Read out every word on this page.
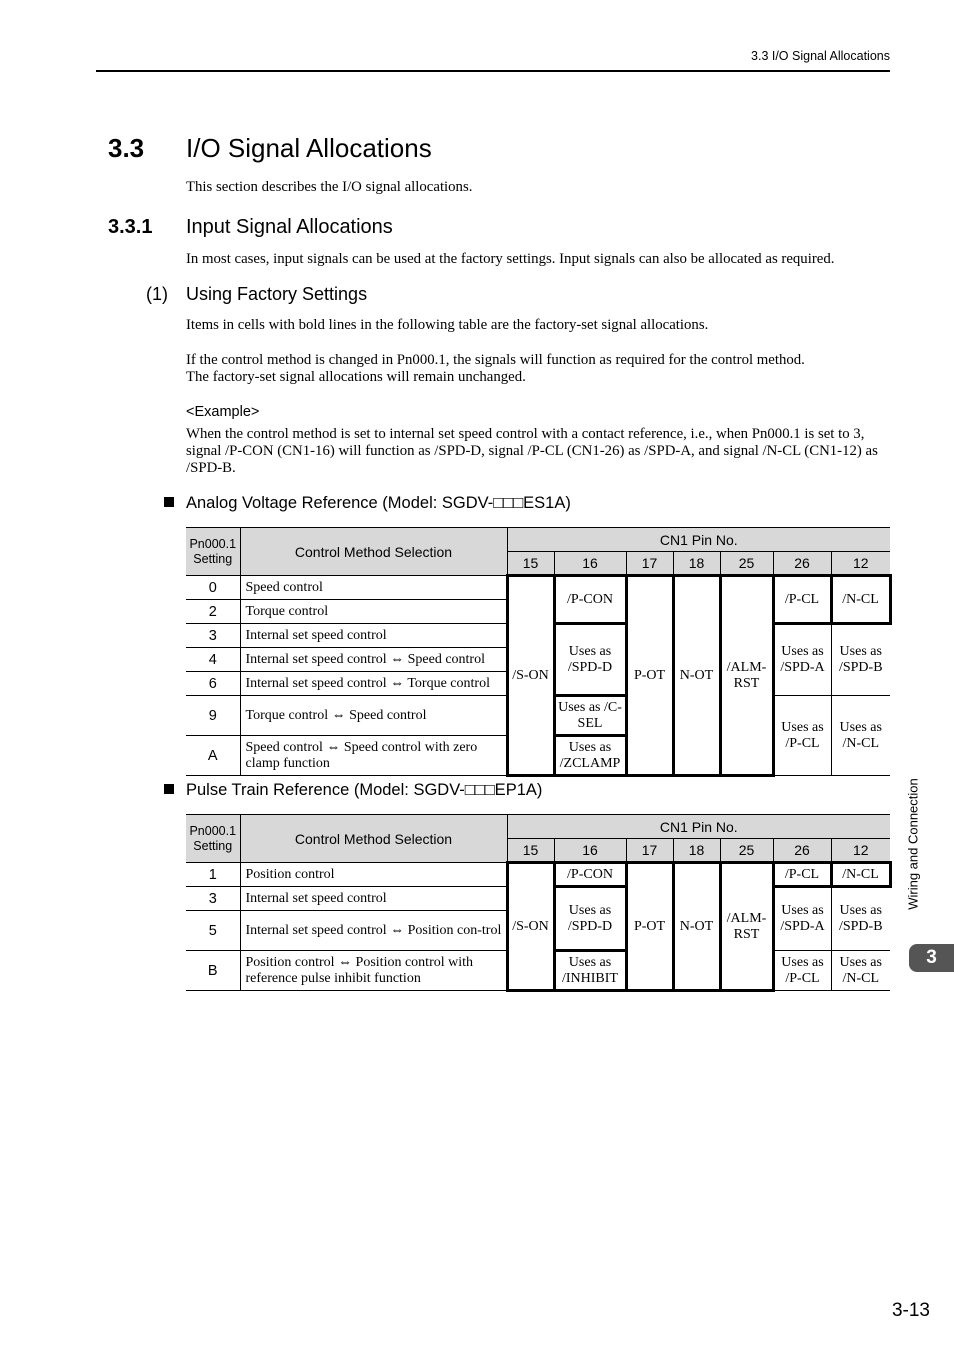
3.3 I/O Signal Allocations
3.3 I/O Signal Allocations
This section describes the I/O signal allocations.
3.3.1 Input Signal Allocations
In most cases, input signals can be used at the factory settings. Input signals can also be allocated as required.
(1) Using Factory Settings
Items in cells with bold lines in the following table are the factory-set signal allocations.
If the control method is changed in Pn000.1, the signals will function as required for the control method.
The factory-set signal allocations will remain unchanged.
<Example>
When the control method is set to internal set speed control with a contact reference, i.e., when Pn000.1 is set to 3, signal /P-CON (CN1-16) will function as /SPD-D, signal /P-CL (CN1-26) as /SPD-A, and signal /N-CL (CN1-12) as /SPD-B.
Analog Voltage Reference (Model: SGDV-□□□ES1A)
Pn000.1 Setting	Control Method Selection	CN1 Pin No.						
		15	16	17	18	25	26	12
0	Speed control	/S-ON	/P-CON	P-OT	N-OT	/ALM-RST	/P-CL	/N-CL
2	Torque control							
3	Internal set speed control		Uses as /SPD-D				Uses as /SPD-A	Uses as /SPD-B
4	Internal set speed control ⇔ Speed control							
6	Internal set speed control ⇔ Torque control							
9	Torque control ⇔ Speed control		Uses as /C-SEL				Uses as /P-CL	Uses as /N-CL
A	Speed control ⇔ Speed control with zero clamp function		Uses as /ZCLAMP					
Pulse Train Reference (Model: SGDV-□□□EP1A)
Pn000.1 Setting	Control Method Selection	CN1 Pin No.						
		15	16	17	18	25	26	12
1	Position control	/S-ON	/P-CON	P-OT	N-OT	/ALM-RST	/P-CL	/N-CL
3	Internal set speed control		Uses as /SPD-D				Uses as /SPD-A	Uses as /SPD-B
5	Internal set speed control ⇔ Position con-trol							
B	Position control ⇔ Position control with reference pulse inhibit function		Uses as /INHIBIT				Uses as /P-CL	Uses as /N-CL
Wiring and Connection
3
3-13
